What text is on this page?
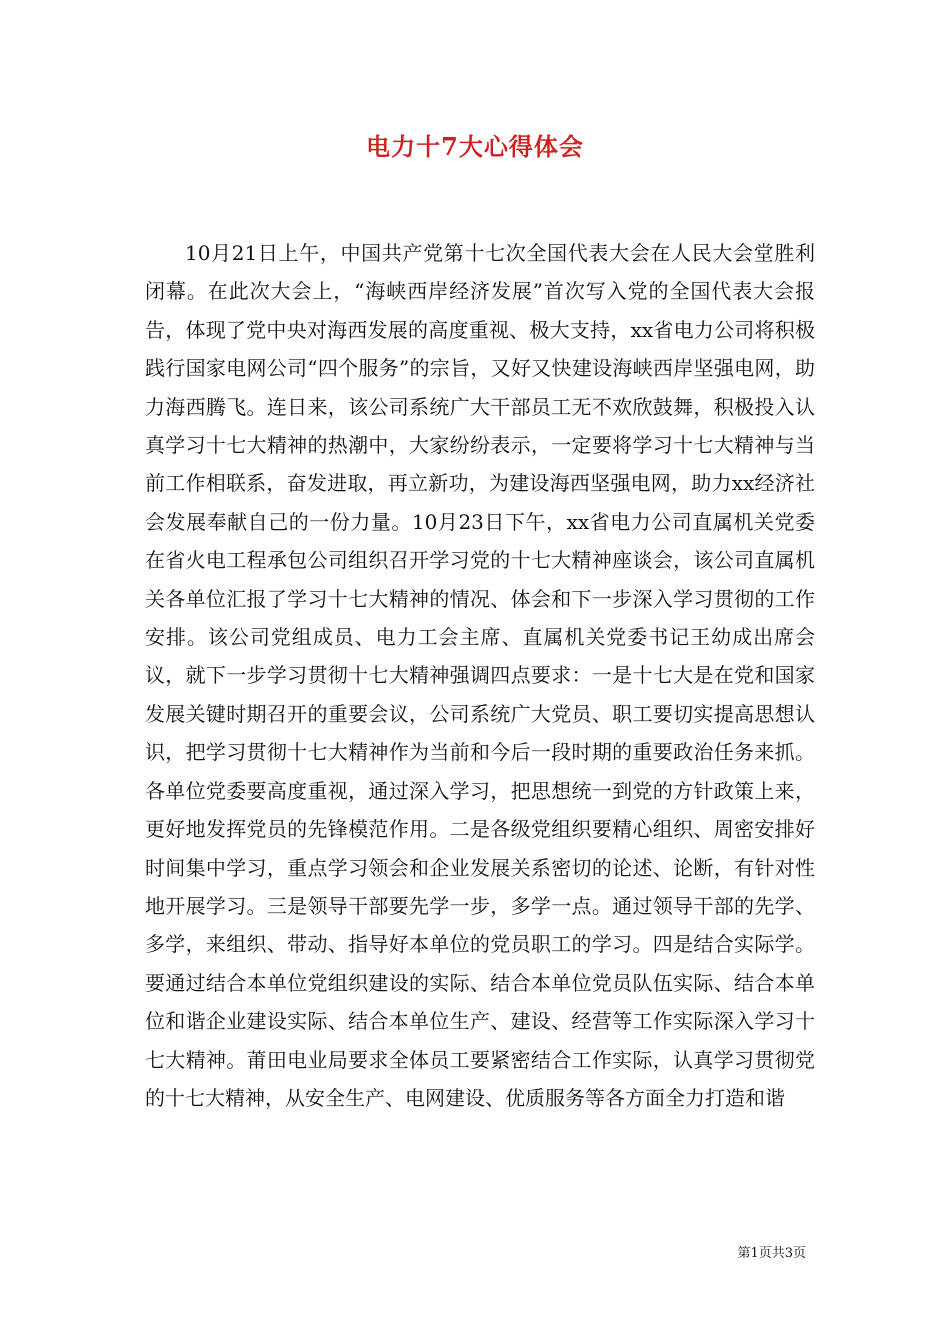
电力十7大心得体会

10月21日上午，中国共产党第十七次全国代表大会在人民大会堂胜利闭幕。在此次大会上，“海峡西岸经济发展”首次写入党的全国代表大会报告，体现了党中央对海西发展的高度重视、极大支持，xx省电力公司将积极践行国家电网公司“四个服务”的宗旨，又好又快建设海峡西岸坚强电网，助力海西腾飞。连日来，该公司系统广大干部员工无不欢欣鼓舞，积极投入认真学习十七大精神的热潮中，大家纷纷表示，一定要将学习十七大精神与当前工作相联系，奋发进取，再立新功，为建设海西坚强电网，助力xx经济社会发展奉献自己的一份力量。10月23日下午，xx省电力公司直属机关党委在省火电工程承包公司组织召开学习党的十七大精神座谈会，该公司直属机关各单位汇报了学习十七大精神的情况、体会和下一步深入学习贯彻的工作安排。该公司党组成员、电力工会主席、直属机关党委书记王幼成出席会议，就下一步学习贯彻十七大精神强调四点要求：一是十七大是在党和国家发展关键时期召开的重要会议，公司系统广大党员、职工要切实提高思想认识，把学习贯彻十七大精神作为当前和今后一段时期的重要政治任务来抓。各单位党委要高度重视，通过深入学习，把思想统一到党的方针政策上来，更好地发挥党员的先锋模范作用。二是各级党组织要精心组织、周密安排好时间集中学习，重点学习领会和企业发展关系密切的论述、论断，有针对性地开展学习。三是领导干部要先学一步，多学一点。通过领导干部的先学、多学，来组织、带动、指导好本单位的党员职工的学习。四是结合实际学。要通过结合本单位党组织建设的实际、结合本单位党员队伍实际、结合本单位和谐企业建设实际、结合本单位生产、建设、经营等工作实际深入学习十七大精神。莆田电业局要求全体员工要紧密结合工作实际，认真学习贯彻党的十七大精神，从安全生产、电网建设、优质服务等各方面全力打造和谐

第1页共3页
